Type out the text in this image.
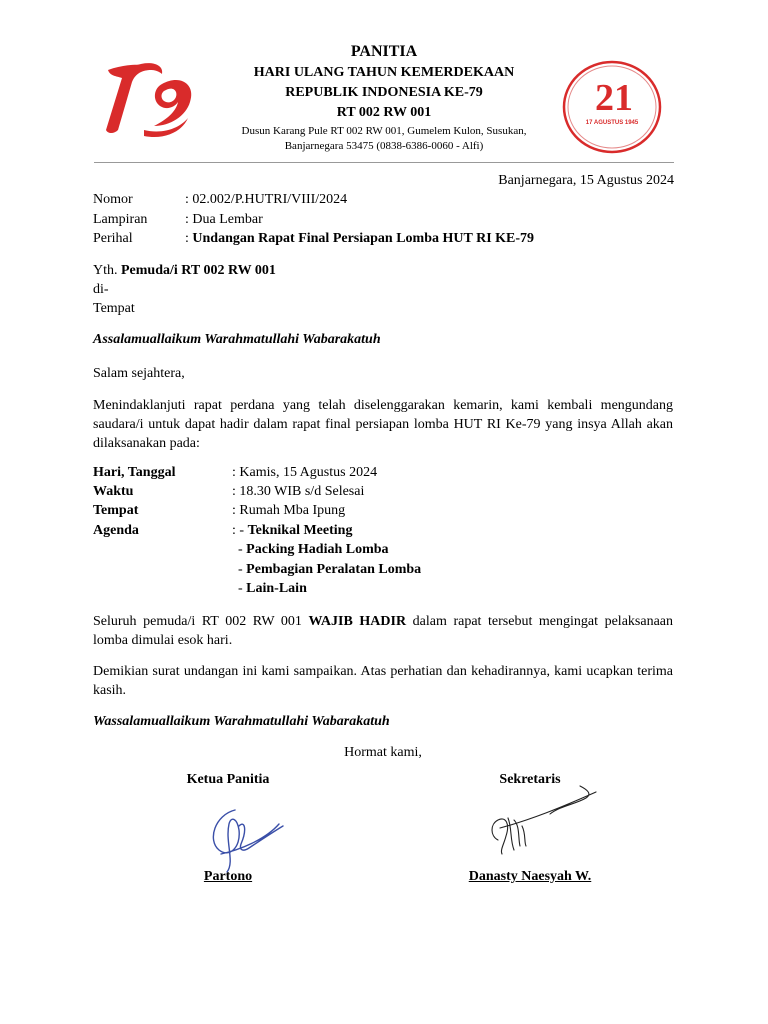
21
17 AGUSTUS 1945
PANITIA
HARI ULANG TAHUN KEMERDEKAAN
REPUBLIK INDONESIA KE-79
RT 002 RW 001
Dusun Karang Pule RT 002 RW 001, Gumelem Kulon, Susukan,
Banjarnegara 53475 (0838-6386-0060 - Alfi)
Banjarnegara, 15 Agustus 2024
Nomor	: 02.002/P.HUTRI/VIII/2024
Lampiran	: Dua Lembar
Perihal	: Undangan Rapat Final Persiapan Lomba HUT RI KE-79
Yth. Pemuda/i RT 002 RW 001
di-
Tempat
Assalamuallaikum Warahmatullahi Wabarakatuh
Salam sejahtera,
Menindaklanjuti rapat perdana yang telah diselenggarakan kemarin, kami kembali mengundang saudara/i untuk dapat hadir dalam rapat final persiapan lomba HUT RI Ke-79 yang insya Allah akan dilaksanakan pada:
Hari, Tanggal	: Kamis, 15 Agustus 2024
Waktu	: 18.30 WIB s/d Selesai
Tempat	: Rumah Mba Ipung
Agenda	: - Teknikal Meeting
- Packing Hadiah Lomba
- Pembagian Peralatan Lomba
- Lain-Lain
Seluruh pemuda/i RT 002 RW 001 WAJIB HADIR dalam rapat tersebut mengingat pelaksanaan lomba dimulai esok hari.
Demikian surat undangan ini kami sampaikan. Atas perhatian dan kehadirannya, kami ucapkan terima kasih.
Wassalamuallaikum Warahmatullahi Wabarakatuh
Hormat kami,
Ketua Panitia	Sekretaris
Partono	Danasty Naesyah W.
